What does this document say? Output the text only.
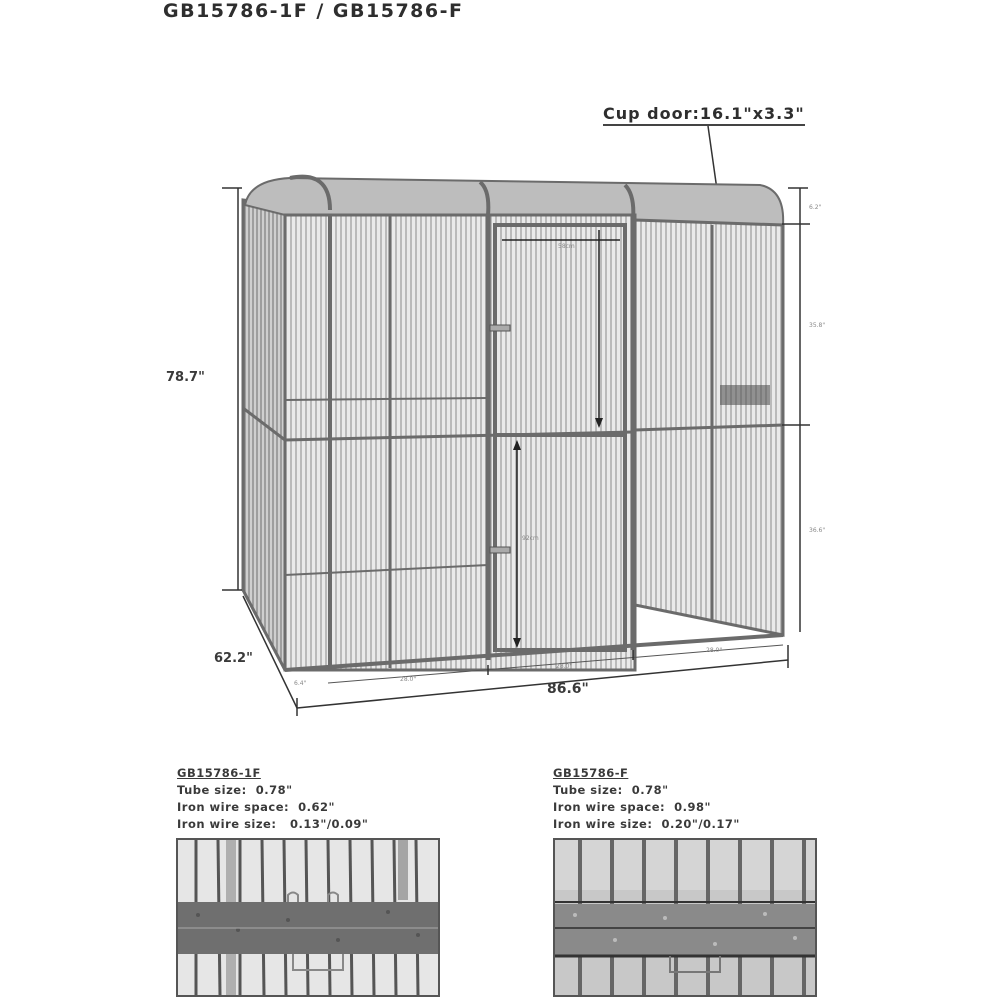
GB15786-1F / GB15786-F
Cup door:16.1"x3.3"
78.7"
62.2"
86.6"
6.2"
35.8"
36.6"
28.0"
28.0"
28.0"
6.4"
58cm
92cm
GB15786-1F
Tube size: 0.78"
Iron wire space: 0.62"
Iron wire size: 0.13"/0.09"
GB15786-F
Tube size: 0.78"
Iron wire space: 0.98"
Iron wire size: 0.20"/0.17"
